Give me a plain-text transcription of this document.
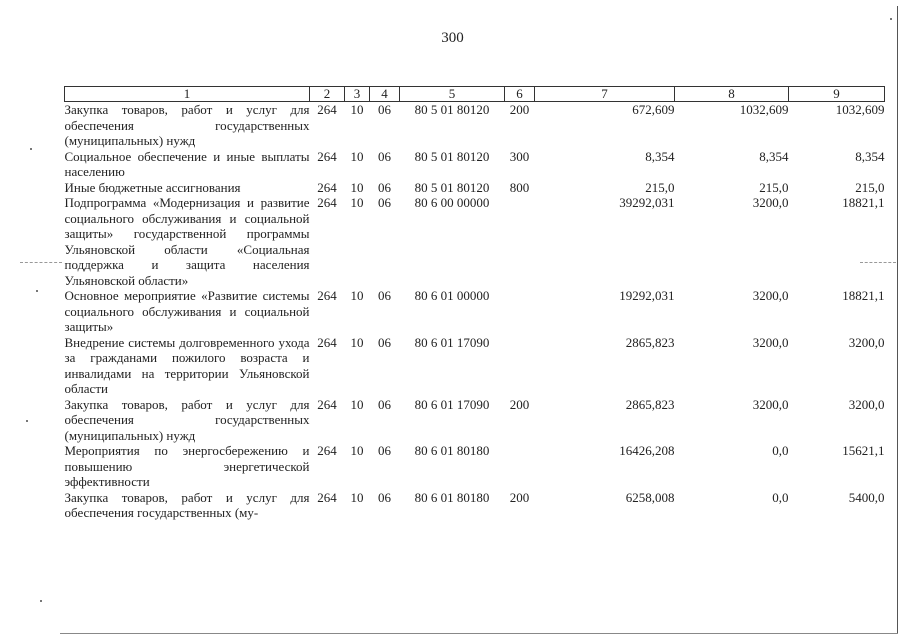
300
1	2	3	4	5	6	7	8	9
Закупка товаров, работ и услуг для обеспечения государственных (муниципальных) нужд	264	10	06	80 5 01 80120	200	672,609	1032,609	1032,609
Социальное обеспечение и иные выплаты населению	264	10	06	80 5 01 80120	300	8,354	8,354	8,354
Иные бюджетные ассигнования	264	10	06	80 5 01 80120	800	215,0	215,0	215,0
Подпрограмма «Модернизация и развитие социального обслуживания и социальной защиты» государственной программы Ульяновской области «Социальная поддержка и защита населения Ульяновской области»	264	10	06	80 6 00 00000		39292,031	3200,0	18821,1
Основное мероприятие «Развитие системы социального обслуживания и социальной защиты»	264	10	06	80 6 01 00000		19292,031	3200,0	18821,1
Внедрение системы долговременного ухода за гражданами пожилого возраста и инвалидами на территории Ульяновской области	264	10	06	80 6 01 17090		2865,823	3200,0	3200,0
Закупка товаров, работ и услуг для обеспечения государственных (муниципальных) нужд	264	10	06	80 6 01 17090	200	2865,823	3200,0	3200,0
Мероприятия по энергосбережению и повышению энергетической эффективности	264	10	06	80 6 01 80180		16426,208	0,0	15621,1
Закупка товаров, работ и услуг для обеспечения государственных (му-	264	10	06	80 6 01 80180	200	6258,008	0,0	5400,0
